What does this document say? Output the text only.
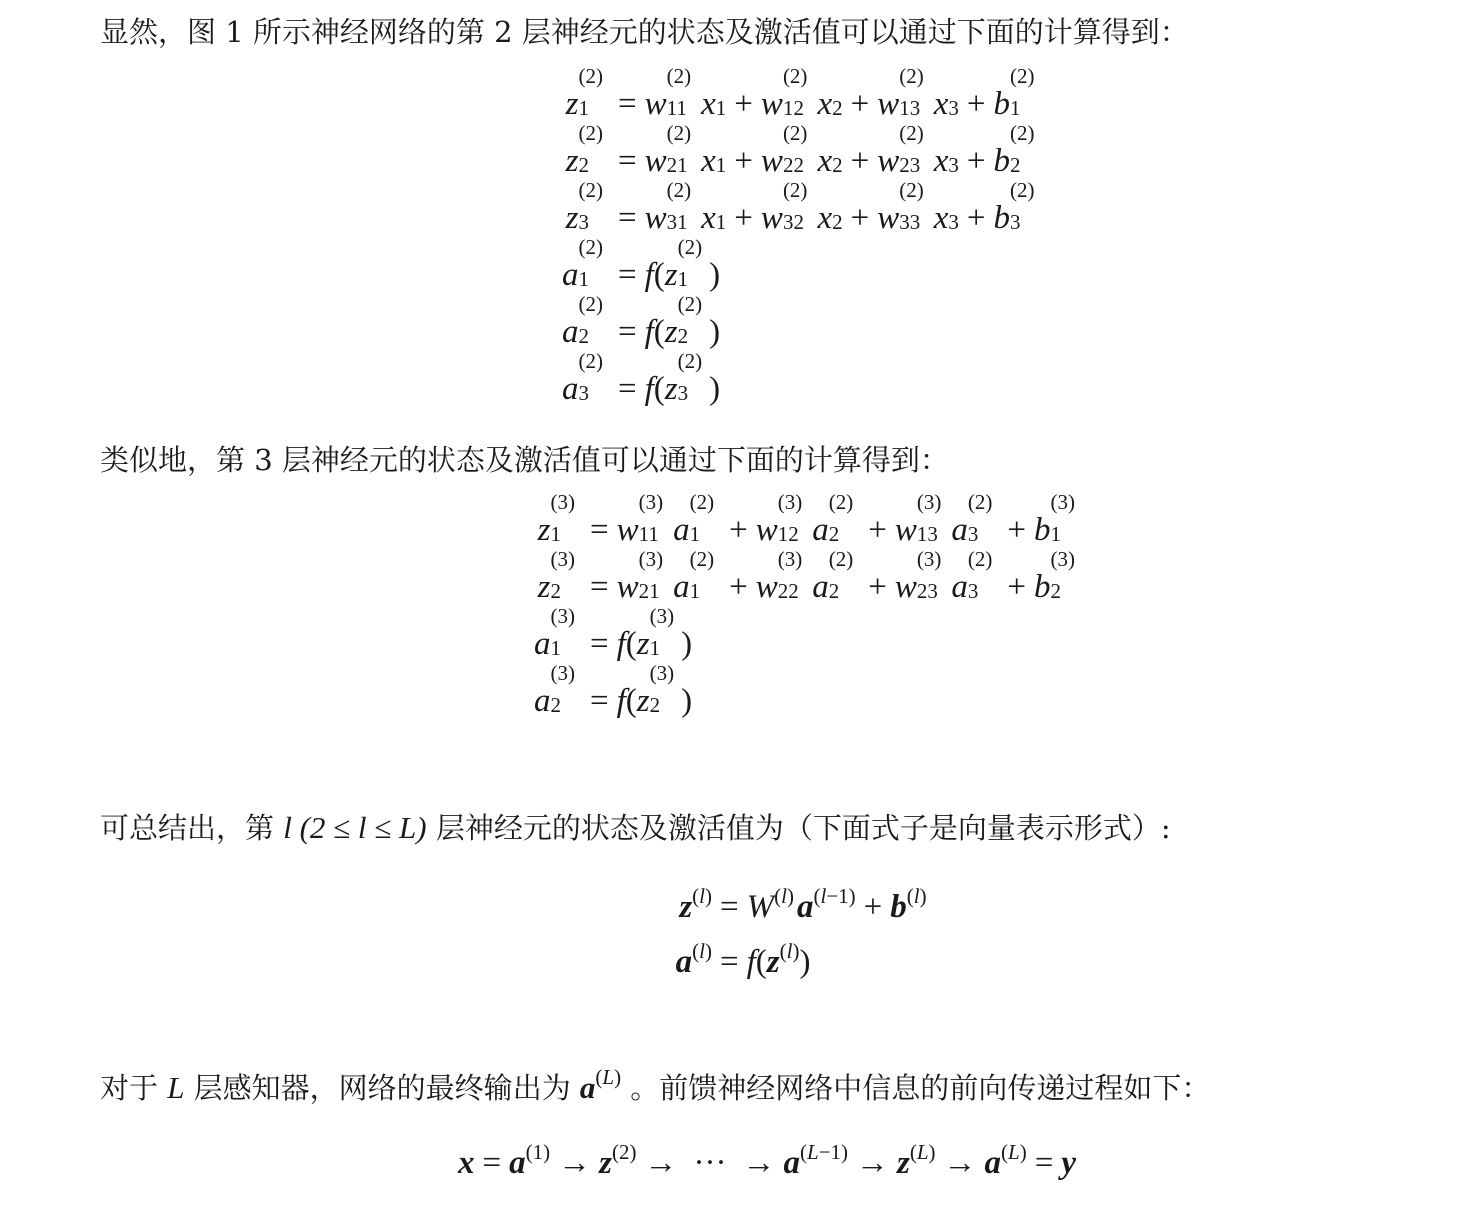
显然，图 1 所示神经网络的第 2 层神经元的状态及激活值可以通过下面的计算得到：
z
(2)
1 = w
(2)
11 x 1 + w
(2)
12 x 2 + w
(2)
13 x 3 + b
(2)
1
z
(2)
2 = w
(2)
21 x 1 + w
(2)
22 x 2 + w
(2)
23 x 3 + b
(2)
2
z
(2)
3 = w
(2)
31 x 1 + w
(2)
32 x 2 + w
(2)
33 x 3 + b
(2)
3
a
(2)
1 = f(z
(2)
1 )
a
(2)
2 = f(z
(2)
2 )
a
(2)
3 = f(z
(2)
3 )
类似地，第 3 层神经元的状态及激活值可以通过下面的计算得到：
z
(3)
1 = w
(3)
11 a
(2)
1 + w
(3)
12 a
(2)
2 + w
(3)
13 a
(2)
3 + b
(3)
1
z
(3)
2 = w
(3)
21 a
(2)
1 + w
(3)
22 a
(2)
2 + w
(3)
23 a
(2)
3 + b
(3)
2
a
(3)
1 = f(z
(3)
1 )
a
(3)
2 = f(z
(3)
2 )
可总结出，第 l (2 ≤ l ≤ L) 层神经元的状态及激活值为（下面式子是向量表示形式）:
$z^{(l)} = W^{(l)}a^{(l-1)} + b^{(l)}$
$a^{(l)} = f(z^{(l)})$
对于 L 层感知器，网络的最终输出为 $a^{(L)}$ 。前馈神经网络中信息的前向传递过程如下：
$x = a^{(1)} \to z^{(2)}$ → ··· → $a^{(L-1)} \to z^{(L)} \to a^{(L)} = y$
